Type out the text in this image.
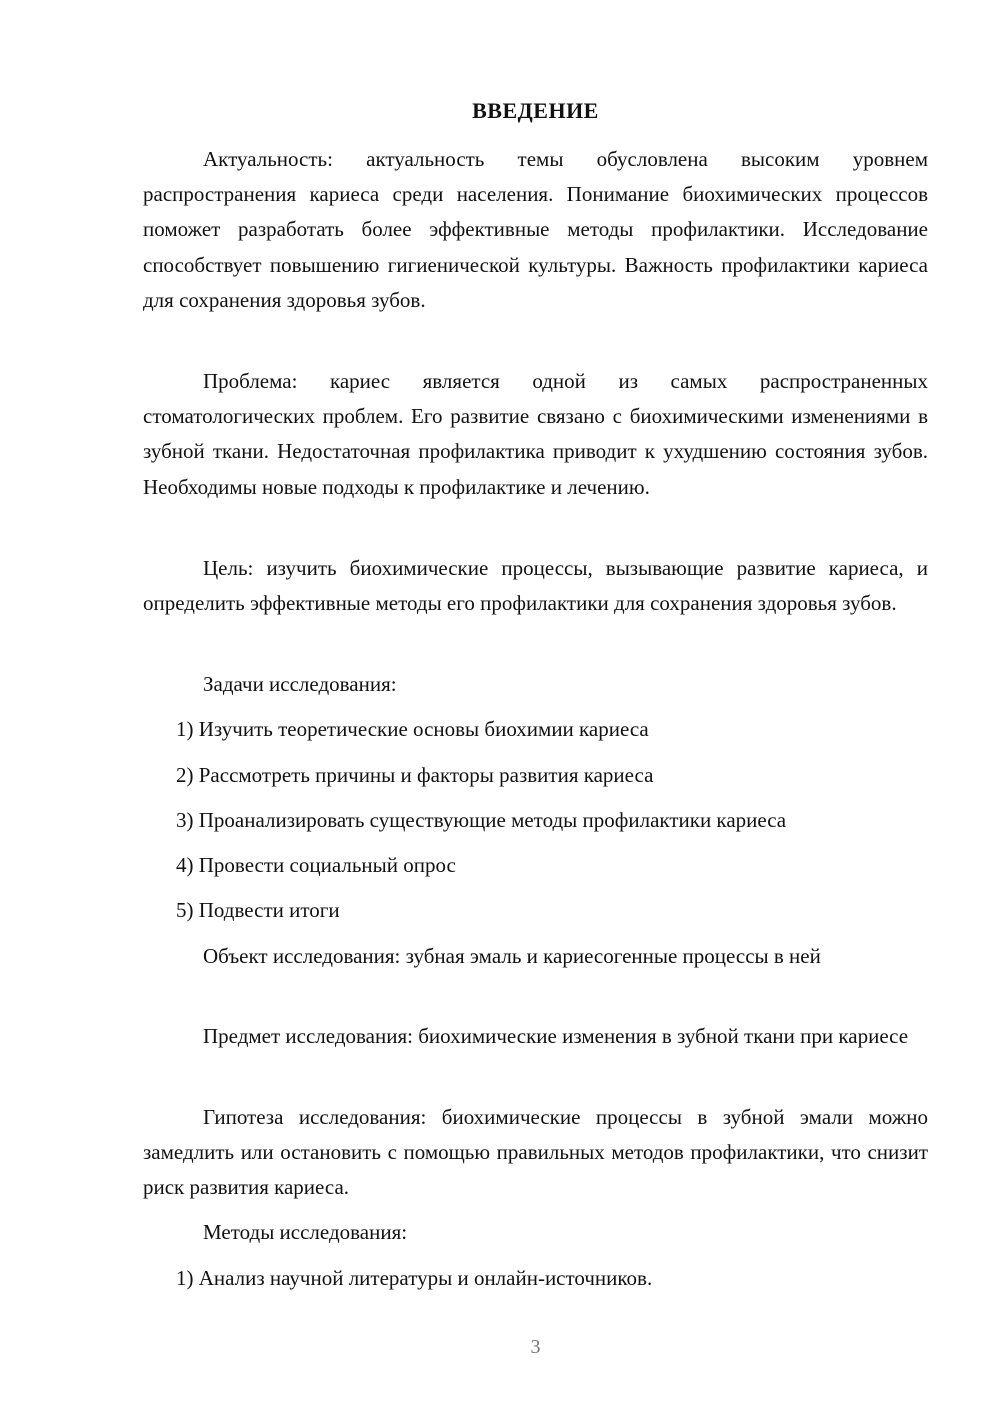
ВВЕДЕНИЕ

Актуальность: актуальность темы обусловлена высоким уровнем распространения кариеса среди населения. Понимание биохимических процессов поможет разработать более эффективные методы профилактики. Исследование способствует повышению гигиенической культуры. Важность профилактики кариеса для сохранения здоровья зубов.

Проблема: кариес является одной из самых распространенных стоматологических проблем. Его развитие связано с биохимическими изменениями в зубной ткани. Недостаточная профилактика приводит к ухудшению состояния зубов. Необходимы новые подходы к профилактике и лечению.

Цель: изучить биохимические процессы, вызывающие развитие кариеса, и определить эффективные методы его профилактики для сохранения здоровья зубов.

Задачи исследования:
1) Изучить теоретические основы биохимии кариеса
2) Рассмотреть причины и факторы развития кариеса
3) Проанализировать существующие методы профилактики кариеса
4) Провести социальный опрос
5) Подвести итоги

Объект исследования: зубная эмаль и кариесогенные процессы в ней

Предмет исследования: биохимические изменения в зубной ткани при кариесе

Гипотеза исследования: биохимические процессы в зубной эмали можно замедлить или остановить с помощью правильных методов профилактики, что снизит риск развития кариеса.

Методы исследования:
1) Анализ научной литературы и онлайн-источников.
3
